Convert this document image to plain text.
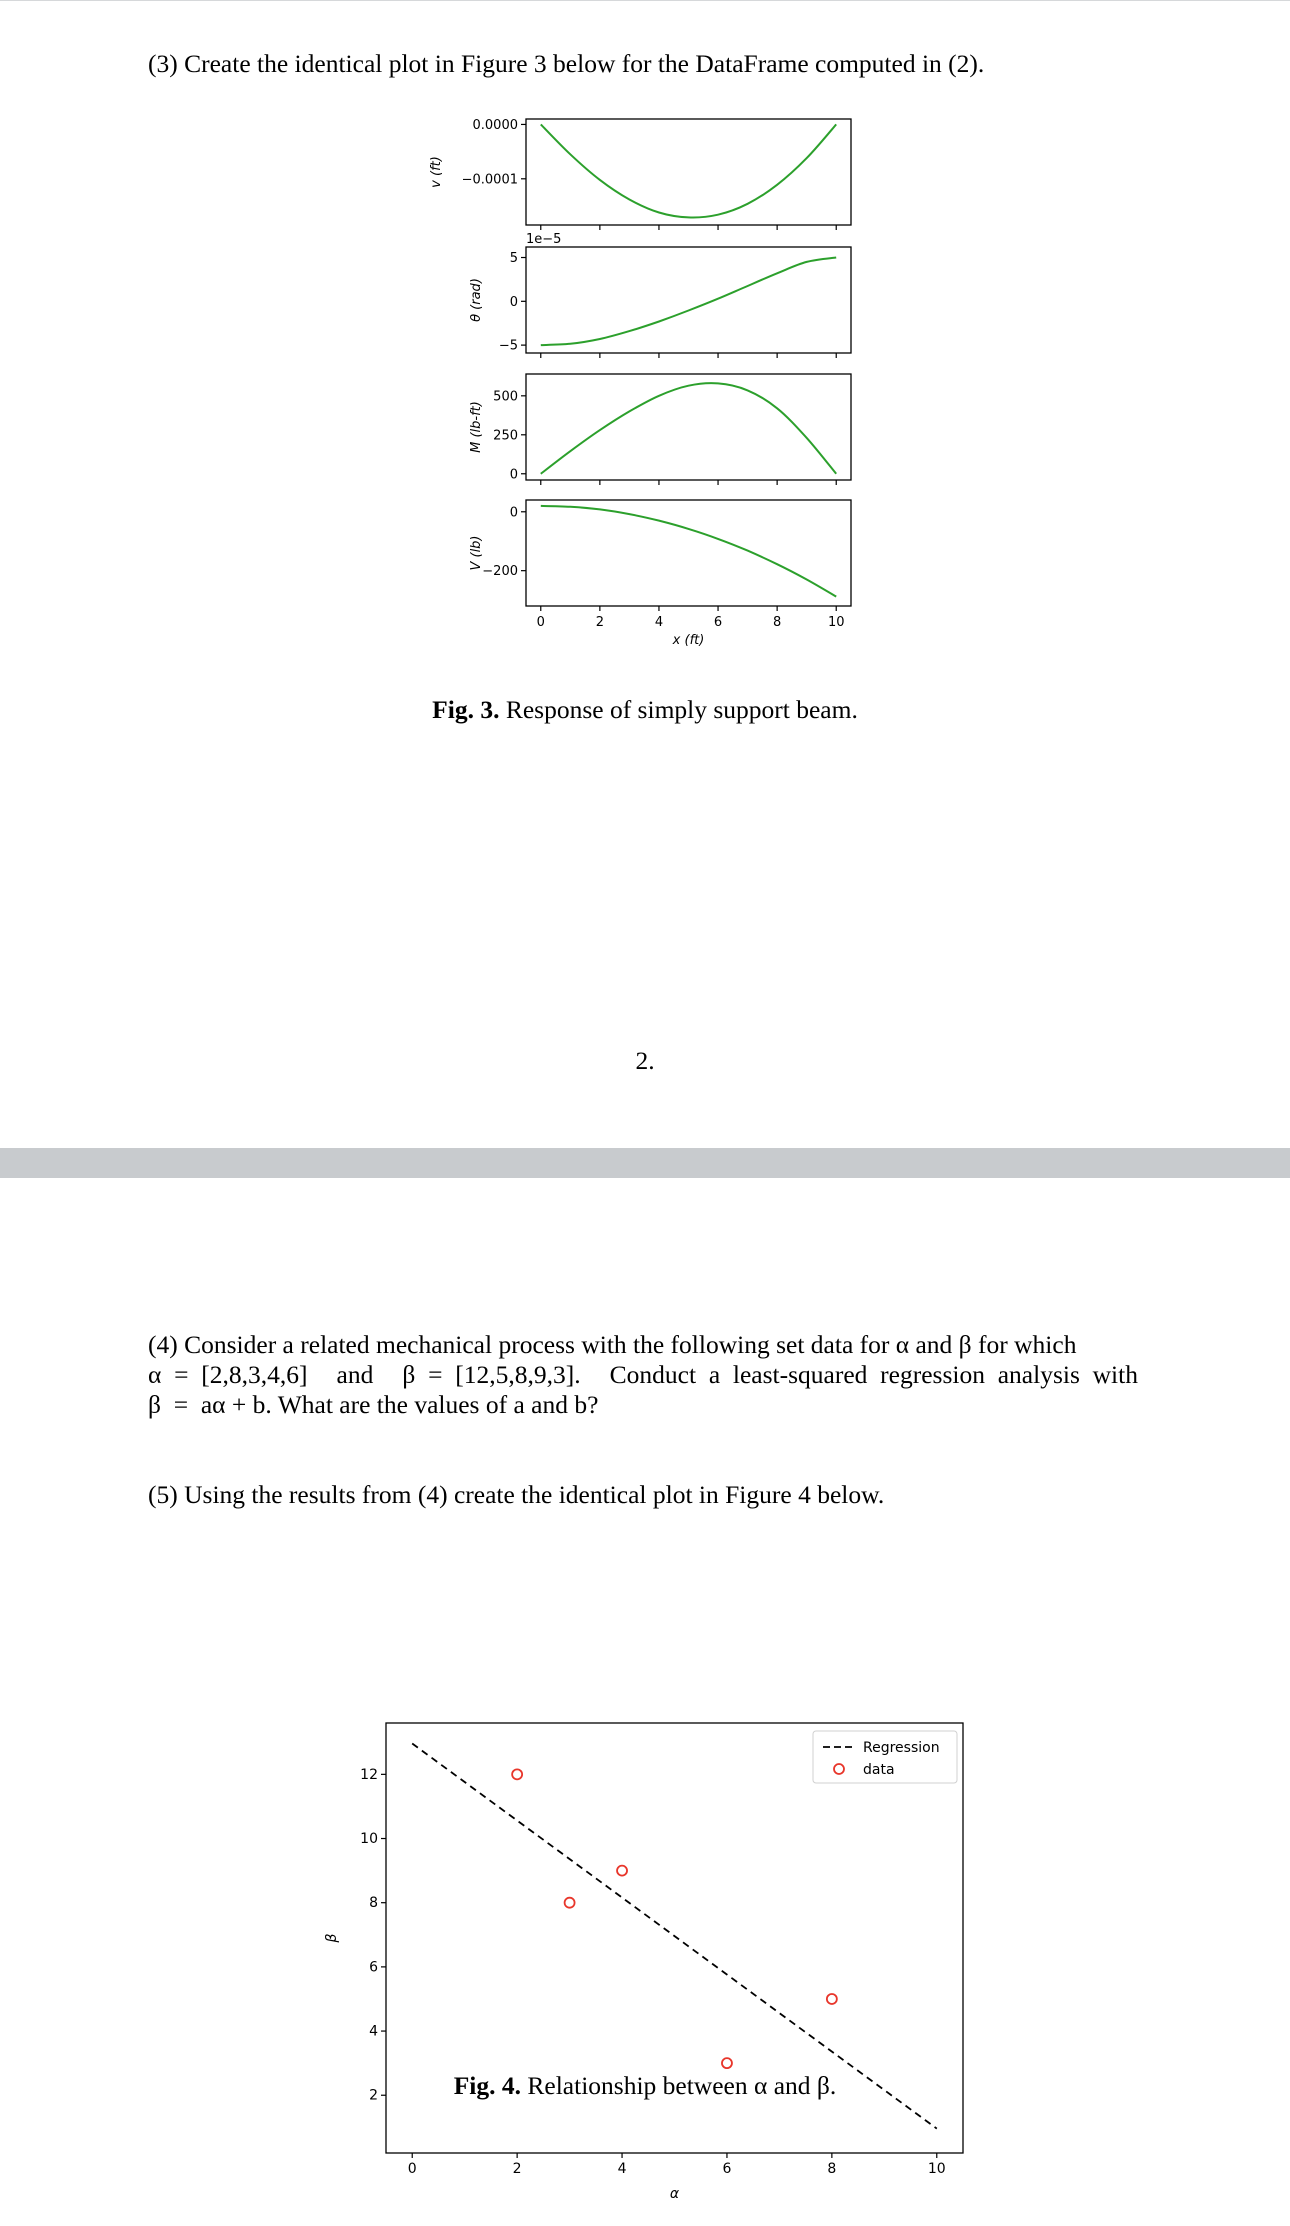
(3) Create the identical plot in Figure 3 below for the DataFrame computed in (2).
0.0000
−0.0001
v (ft)
5
0
−5
θ (rad)
1e−5
500
250
0
M (lb-ft)
0
−200
0	2	4	6	8	10
x (ft)
V (lb)
Fig. 3. Response of simply support beam.
2.
(4) Consider a related mechanical process with the following set data for α and β for which
α  =  [2,8,3,4,6] and β  =  [12,5,8,9,3]. Conduct  a  least-squared  regression  analysis  with
β  =  aα + b. What are the values of a and b?
(5) Using the results from (4) create the identical plot in Figure 4 below.
12
10
8
6
4
2
0	2	4	6	8	10
α
β
Regression
data
Fig. 4. Relationship between α and β.
